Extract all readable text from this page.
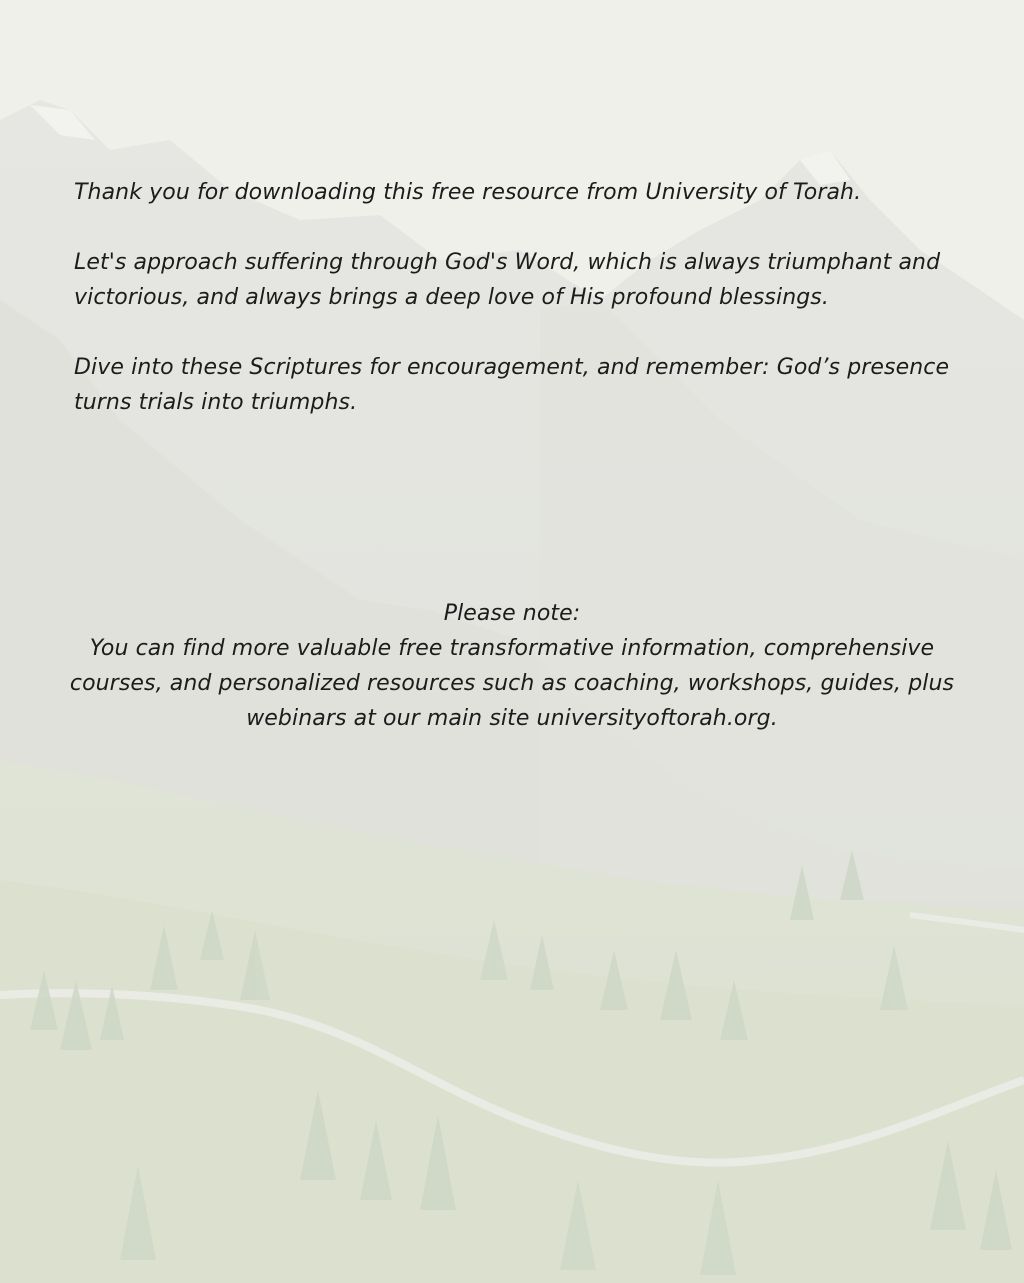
Thank you for downloading this free resource from University of Torah.

Let's approach suffering through God's Word, which is always triumphant and victorious, and always brings a deep love of His profound blessings.

Dive into these Scriptures for encouragement, and remember: God’s presence turns trials into triumphs.

Please note:

You can find more valuable free transformative information, comprehensive courses, and personalized resources such as coaching, workshops, guides, plus webinars at our main site universityoftorah.org.
